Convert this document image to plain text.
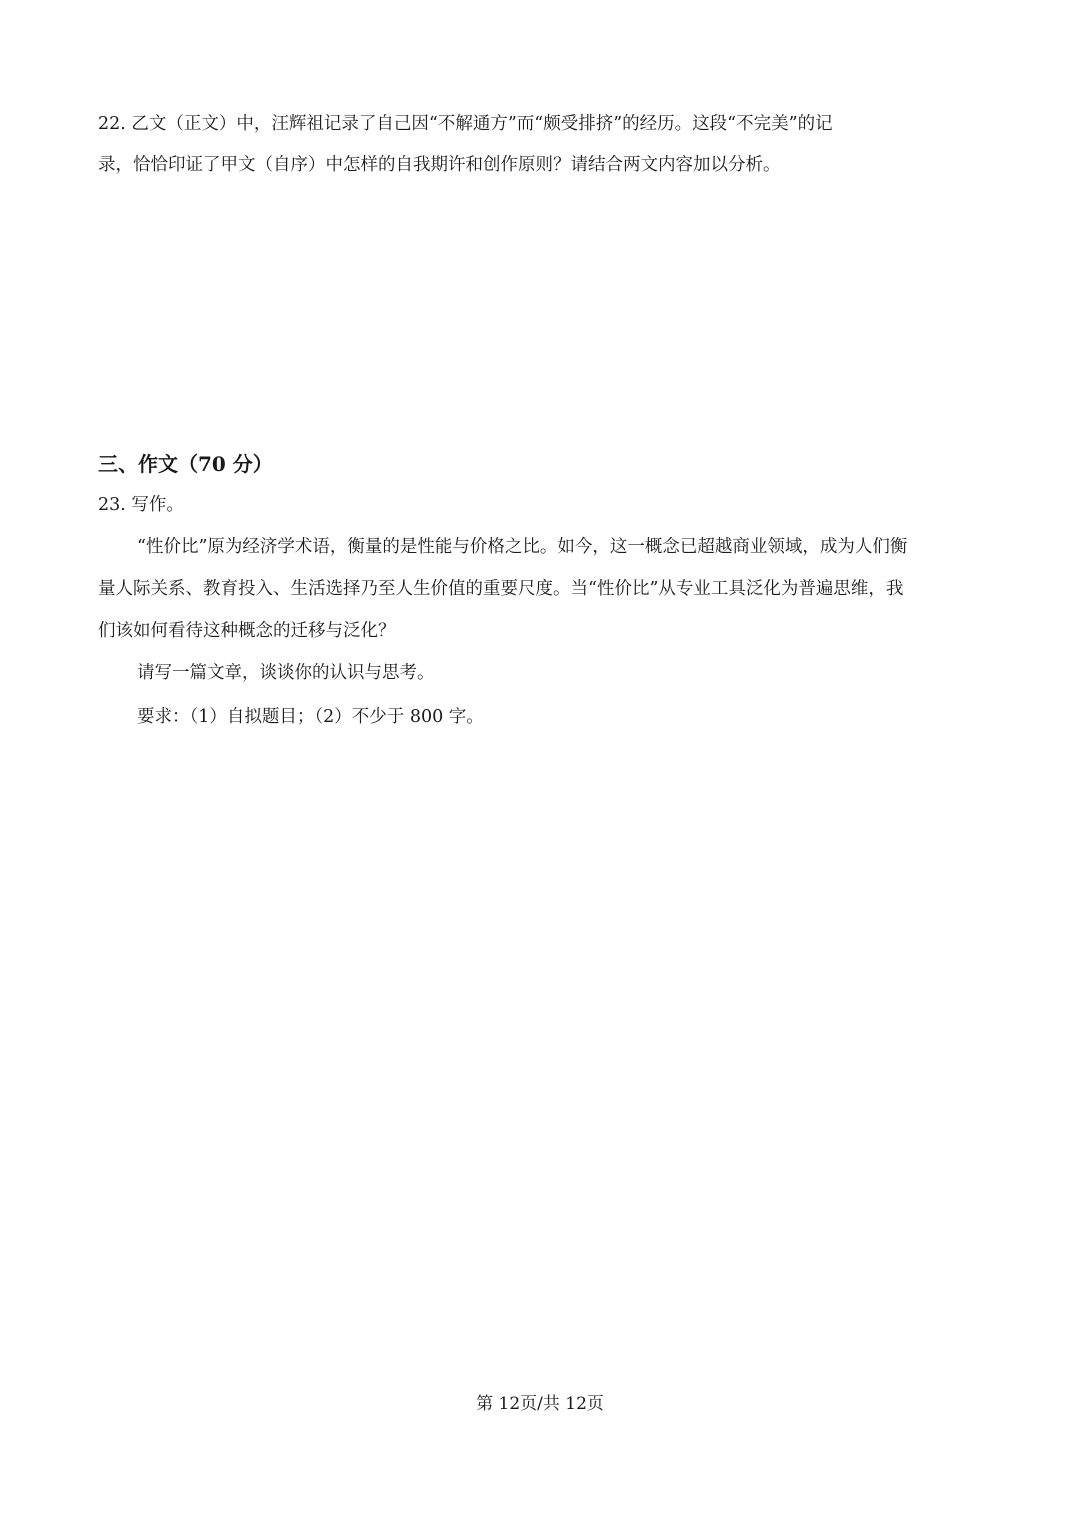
22. 乙文（正文）中，汪辉祖记录了自己因“不解通方”而“颇受排挤”的经历。这段“不完美”的记
录，恰恰印证了甲文（自序）中怎样的自我期许和创作原则？请结合两文内容加以分析。
三、作文（70 分）
23. 写作。
“性价比”原为经济学术语，衡量的是性能与价格之比。如今，这一概念已超越商业领域，成为人们衡
量人际关系、教育投入、生活选择乃至人生价值的重要尺度。当“性价比”从专业工具泛化为普遍思维，我
们该如何看待这种概念的迁移与泛化？
请写一篇文章，谈谈你的认识与思考。
要求：（1）自拟题目；（2）不少于 800 字。
第 12页/共 12页
